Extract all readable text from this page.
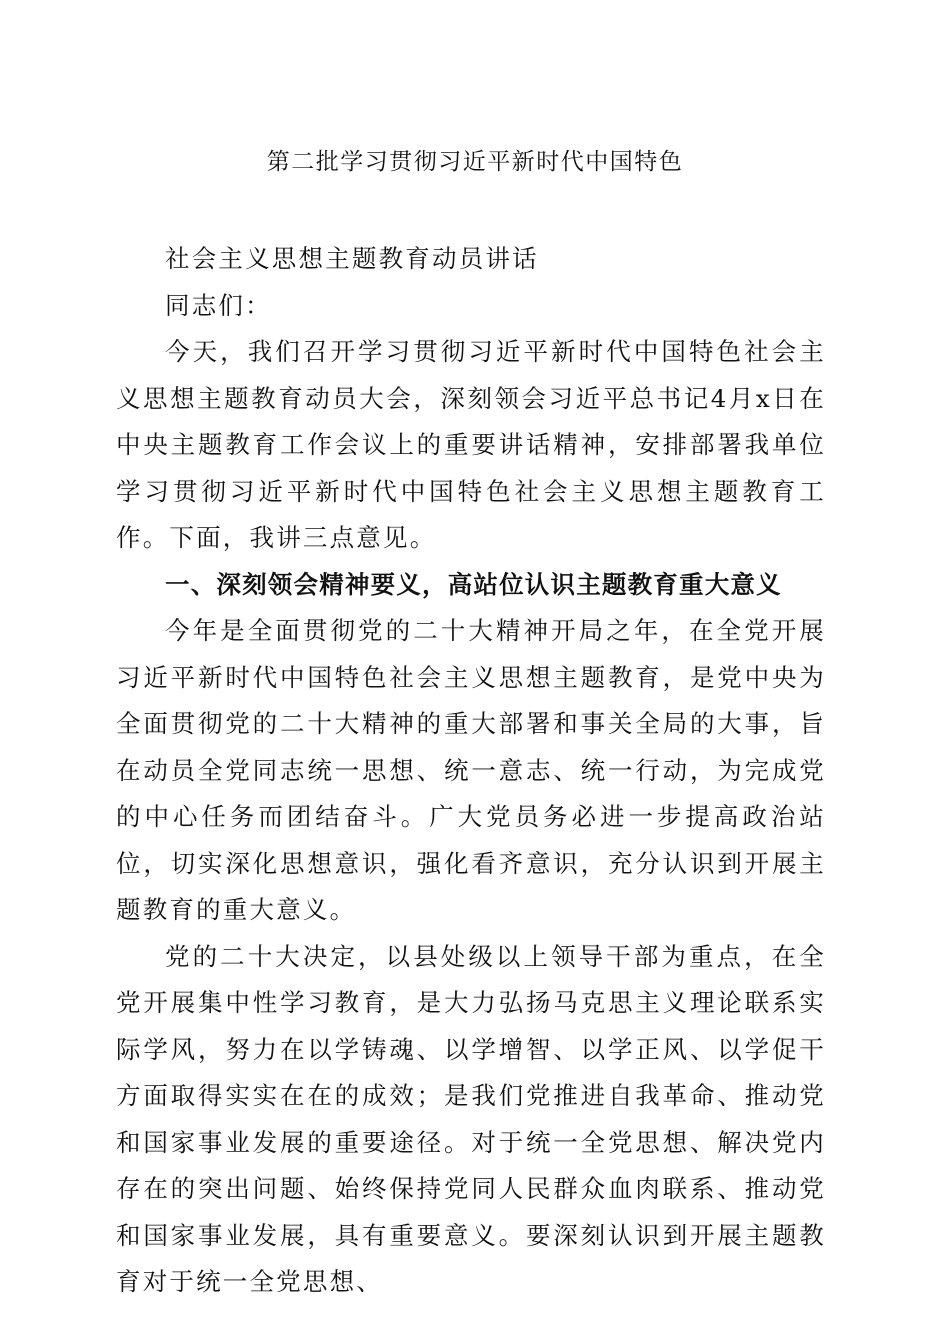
第二批学习贯彻习近平新时代中国特色

社会主义思想主题教育动员讲话

同志们：

今天，我们召开学习贯彻习近平新时代中国特色社会主义思想主题教育动员大会，深刻领会习近平总书记4月x日在中央主题教育工作会议上的重要讲话精神，安排部署我单位学习贯彻习近平新时代中国特色社会主义思想主题教育工作。下面，我讲三点意见。

一、深刻领会精神要义，高站位认识主题教育重大意义

今年是全面贯彻党的二十大精神开局之年，在全党开展习近平新时代中国特色社会主义思想主题教育，是党中央为全面贯彻党的二十大精神的重大部署和事关全局的大事，旨在动员全党同志统一思想、统一意志、统一行动，为完成党的中心任务而团结奋斗。广大党员务必进一步提高政治站位，切实深化思想意识，强化看齐意识，充分认识到开展主题教育的重大意义。

党的二十大决定，以县处级以上领导干部为重点，在全党开展集中性学习教育，是大力弘扬马克思主义理论联系实际学风，努力在以学铸魂、以学增智、以学正风、以学促干方面取得实实在在的成效；是我们党推进自我革命、推动党和国家事业发展的重要途径。对于统一全党思想、解决党内存在的突出问题、始终保持党同人民群众血肉联系、推动党和国家事业发展，具有重要意义。要深刻认识到开展主题教育对于统一全党思想、
